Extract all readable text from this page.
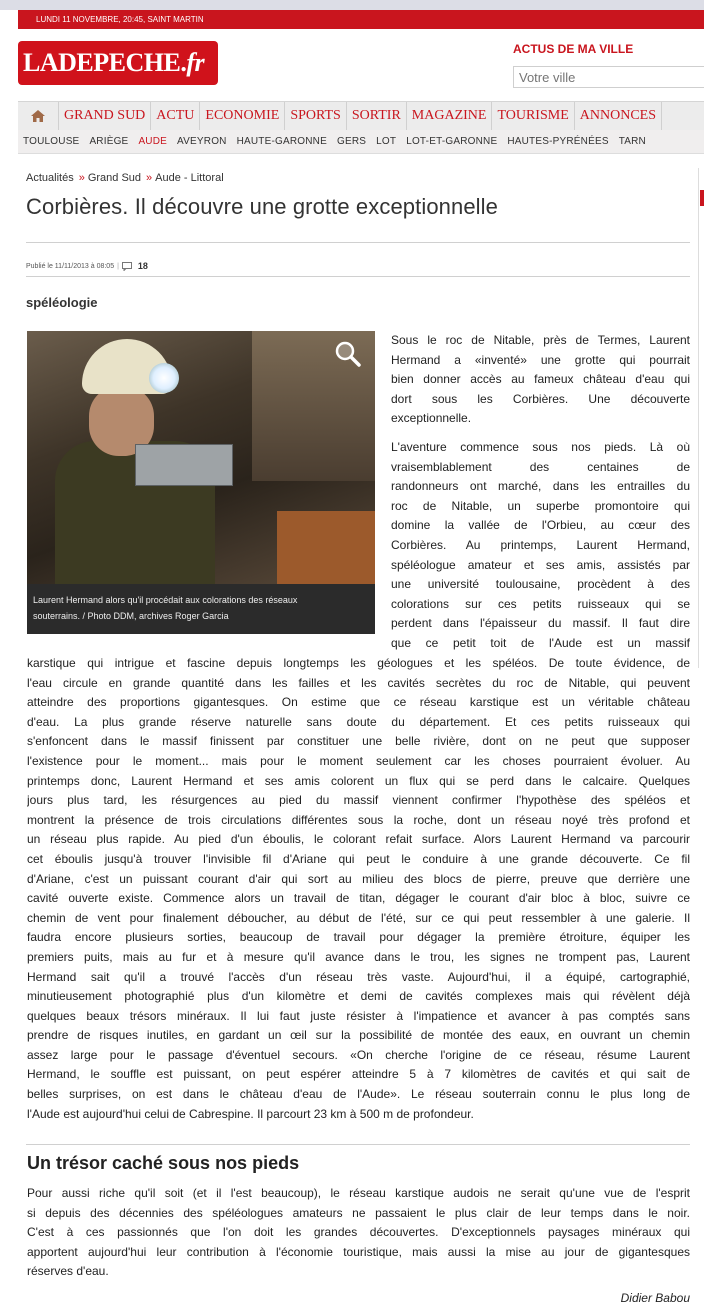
LUNDI 11 NOVEMBRE, 20:45, SAINT MARTIN
LADEPECHE.fr	ACTUS DE MA VILLE
Votre ville
GRAND SUD ACTU ECONOMIE SPORTS SORTIR MAGAZINE TOURISME ANNONCES
TOULOUSE	ARIÈGE	AUDE	AVEYRON	HAUTE-GARONNE	GERS	LOT	LOT-ET-GARONNE	HAUTES-PYRÉNÉES	TARN
Actualités » Grand Sud » Aude - Littoral
Corbières. Il découvre une grotte exceptionnelle
Publié le 11/11/2013 à 08:05 | 18
spéléologie
Laurent Hermand alors qu'il procédait aux colorations des réseaux
souterrains. / Photo DDM, archives Roger Garcia
Sous le roc de Nitable, près de Termes, Laurent
Hermand a «inventé» une grotte qui pourrait
bien donner accès au fameux château d'eau qui
dort sous les Corbières. Une découverte
exceptionnelle.
L'aventure commence sous nos pieds. Là où
vraisemblablement des centaines de
randonneurs ont marché, dans les entrailles du
roc de Nitable, un superbe promontoire qui
domine la vallée de l'Orbieu, au cœur des
Corbières. Au printemps, Laurent Hermand,
spéléologue amateur et ses amis, assistés par
une université toulousaine, procèdent à des
colorations sur ces petits ruisseaux qui se
perdent dans l'épaisseur du massif. Il faut dire
que ce petit toit de l'Aude est un massif
karstique qui intrigue et fascine depuis longtemps les géologues et les spéléos. De toute évidence, de
l'eau circule en grande quantité dans les failles et les cavités secrètes du roc de Nitable, qui peuvent
atteindre des proportions gigantesques. On estime que ce réseau karstique est un véritable château
d'eau. La plus grande réserve naturelle sans doute du département. Et ces petits ruisseaux qui
s'enfoncent dans le massif finissent par constituer une belle rivière, dont on ne peut que supposer
l'existence pour le moment... mais pour le moment seulement car les choses pourraient évoluer. Au
printemps donc, Laurent Hermand et ses amis colorent un flux qui se perd dans le calcaire. Quelques
jours plus tard, les résurgences au pied du massif viennent confirmer l'hypothèse des spéléos et
montrent la présence de trois circulations différentes sous la roche, dont un réseau noyé très profond et
un réseau plus rapide. Au pied d'un éboulis, le colorant refait surface. Alors Laurent Hermand va parcourir
cet éboulis jusqu'à trouver l'invisible fil d'Ariane qui peut le conduire à une grande découverte. Ce fil
d'Ariane, c'est un puissant courant d'air qui sort au milieu des blocs de pierre, preuve que derrière une
cavité ouverte existe. Commence alors un travail de titan, dégager le courant d'air bloc à bloc, suivre ce
chemin de vent pour finalement déboucher, au début de l'été, sur ce qui peut ressembler à une galerie. Il
faudra encore plusieurs sorties, beaucoup de travail pour dégager la première étroiture, équiper les
premiers puits, mais au fur et à mesure qu'il avance dans le trou, les signes ne trompent pas, Laurent
Hermand sait qu'il a trouvé l'accès d'un réseau très vaste. Aujourd'hui, il a équipé, cartographié,
minutieusement photographié plus d'un kilomètre et demi de cavités complexes mais qui révèlent déjà
quelques beaux trésors minéraux. Il lui faut juste résister à l'impatience et avancer à pas comptés sans
prendre de risques inutiles, en gardant un œil sur la possibilité de montée des eaux, en ouvrant un chemin
assez large pour le passage d'éventuel secours. «On cherche l'origine de ce réseau, résume Laurent
Hermand, le souffle est puissant, on peut espérer atteindre 5 à 7 kilomètres de cavités et qui sait de
belles surprises, on est dans le château d'eau de l'Aude». Le réseau souterrain connu le plus long de
l'Aude est aujourd'hui celui de Cabrespine. Il parcourt 23 km à 500 m de profondeur.
Un trésor caché sous nos pieds
Pour aussi riche qu'il soit (et il l'est beaucoup), le réseau karstique audois ne serait qu'une vue de l'esprit
si depuis des décennies des spéléologues amateurs ne passaient le plus clair de leur temps dans le noir.
C'est à ces passionnés que l'on doit les grandes découvertes. D'exceptionnels paysages minéraux qui
apportent aujourd'hui leur contribution à l'économie touristique, mais aussi la mise au jour de gigantesques
réserves d'eau.
Didier Babou
